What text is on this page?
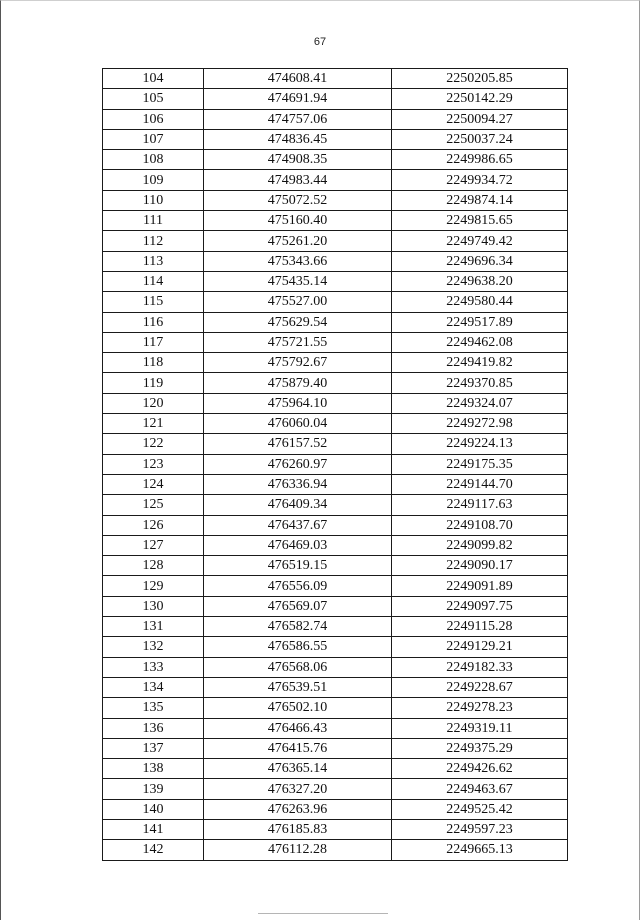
67
104	474608.41	2250205.85
105	474691.94	2250142.29
106	474757.06	2250094.27
107	474836.45	2250037.24
108	474908.35	2249986.65
109	474983.44	2249934.72
110	475072.52	2249874.14
111	475160.40	2249815.65
112	475261.20	2249749.42
113	475343.66	2249696.34
114	475435.14	2249638.20
115	475527.00	2249580.44
116	475629.54	2249517.89
117	475721.55	2249462.08
118	475792.67	2249419.82
119	475879.40	2249370.85
120	475964.10	2249324.07
121	476060.04	2249272.98
122	476157.52	2249224.13
123	476260.97	2249175.35
124	476336.94	2249144.70
125	476409.34	2249117.63
126	476437.67	2249108.70
127	476469.03	2249099.82
128	476519.15	2249090.17
129	476556.09	2249091.89
130	476569.07	2249097.75
131	476582.74	2249115.28
132	476586.55	2249129.21
133	476568.06	2249182.33
134	476539.51	2249228.67
135	476502.10	2249278.23
136	476466.43	2249319.11
137	476415.76	2249375.29
138	476365.14	2249426.62
139	476327.20	2249463.67
140	476263.96	2249525.42
141	476185.83	2249597.23
142	476112.28	2249665.13
